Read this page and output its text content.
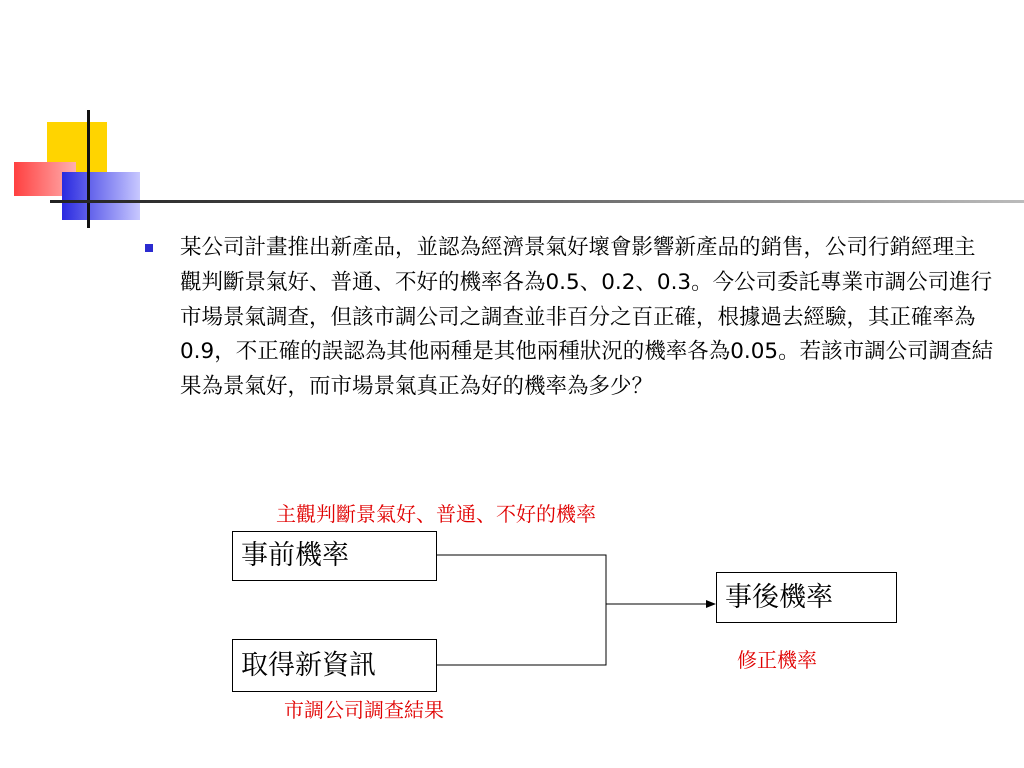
某公司計畫推出新產品，並認為經濟景氣好壞會影響新產品的銷售，公司行銷經理主觀判斷景氣好、普通、不好的機率各為0.5、0.2、0.3。今公司委託專業市調公司進行市場景氣調查，但該市調公司之調查並非百分之百正確，根據過去經驗，其正確率為0.9，不正確的誤認為其他兩種是其他兩種狀況的機率各為0.05。若該市調公司調查結果為景氣好，而市場景氣真正為好的機率為多少？

主觀判斷景氣好、普通、不好的機率
事前機率
取得新資訊
事後機率
修正機率
市調公司調查結果
